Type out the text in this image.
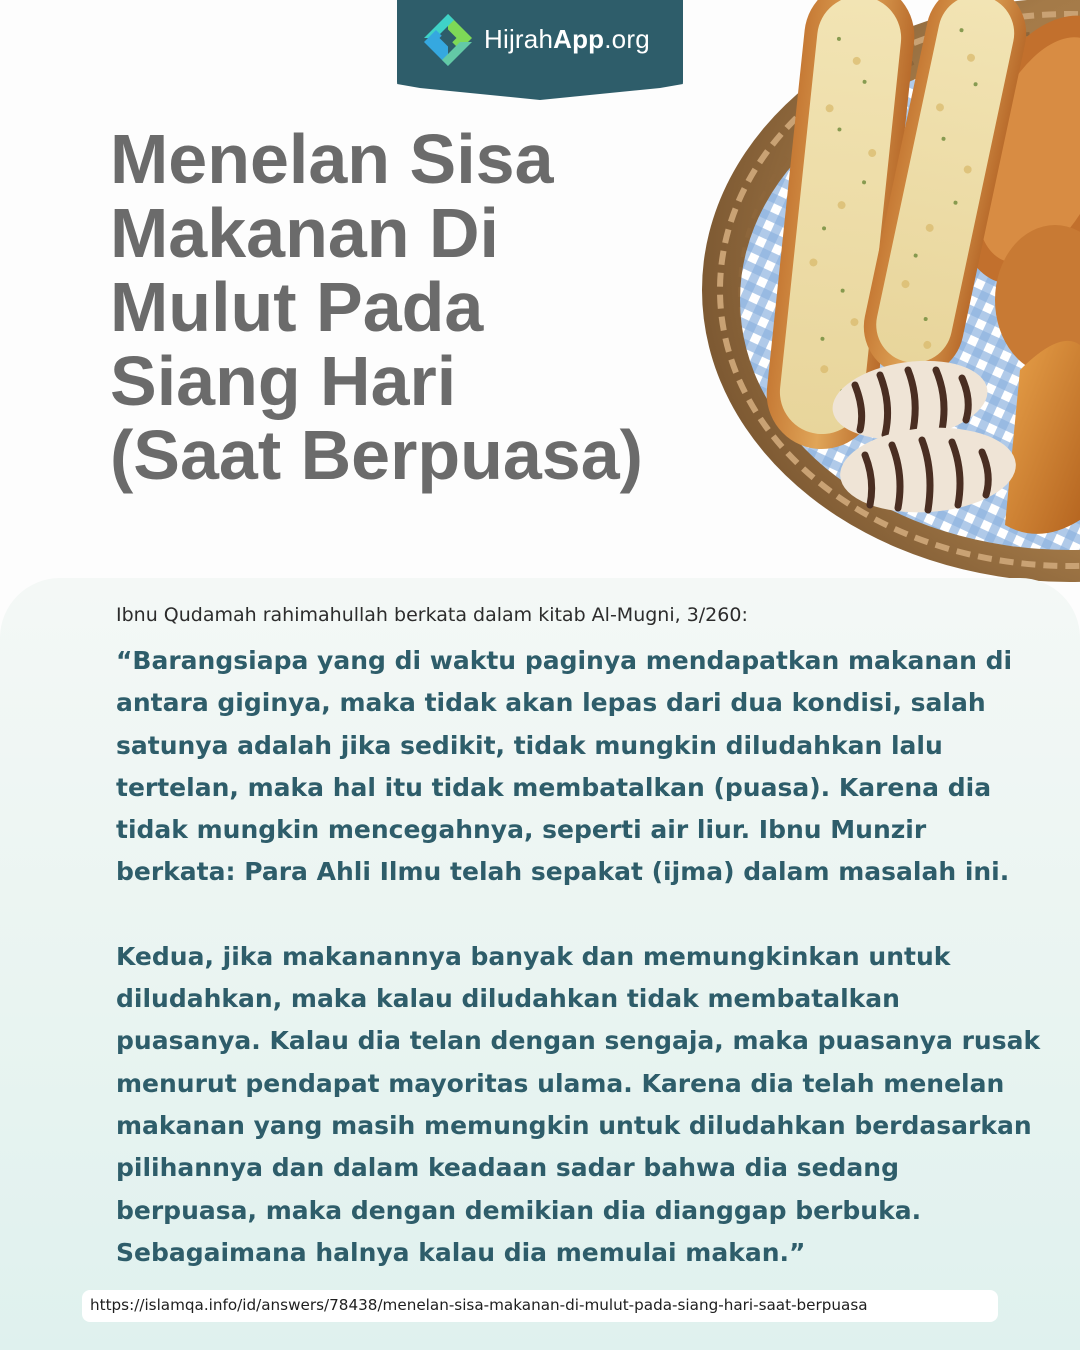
HijrahApp.org
Menelan Sisa
Makanan Di
Mulut Pada
Siang Hari
(Saat Berpuasa)
Ibnu Qudamah rahimahullah berkata dalam kitab Al-Mugni, 3/260:

“Barangsiapa yang di waktu paginya mendapatkan makanan di antara giginya, maka tidak akan lepas dari dua kondisi, salah satunya adalah jika sedikit, tidak mungkin diludahkan lalu tertelan, maka hal itu tidak membatalkan (puasa). Karena dia tidak mungkin mencegahnya, seperti air liur. Ibnu Munzir berkata: Para Ahli Ilmu telah sepakat (ijma) dalam masalah ini.

Kedua, jika makanannya banyak dan memungkinkan untuk diludahkan, maka kalau diludahkan tidak membatalkan puasanya. Kalau dia telan dengan sengaja, maka puasanya rusak menurut pendapat mayoritas ulama. Karena dia telah menelan makanan yang masih memungkin untuk diludahkan berdasarkan pilihannya dan dalam keadaan sadar bahwa dia sedang berpuasa, maka dengan demikian dia dianggap berbuka. Sebagaimana halnya kalau dia memulai makan.”

https://islamqa.info/id/answers/78438/menelan-sisa-makanan-di-mulut-pada-siang-hari-saat-berpuasa
